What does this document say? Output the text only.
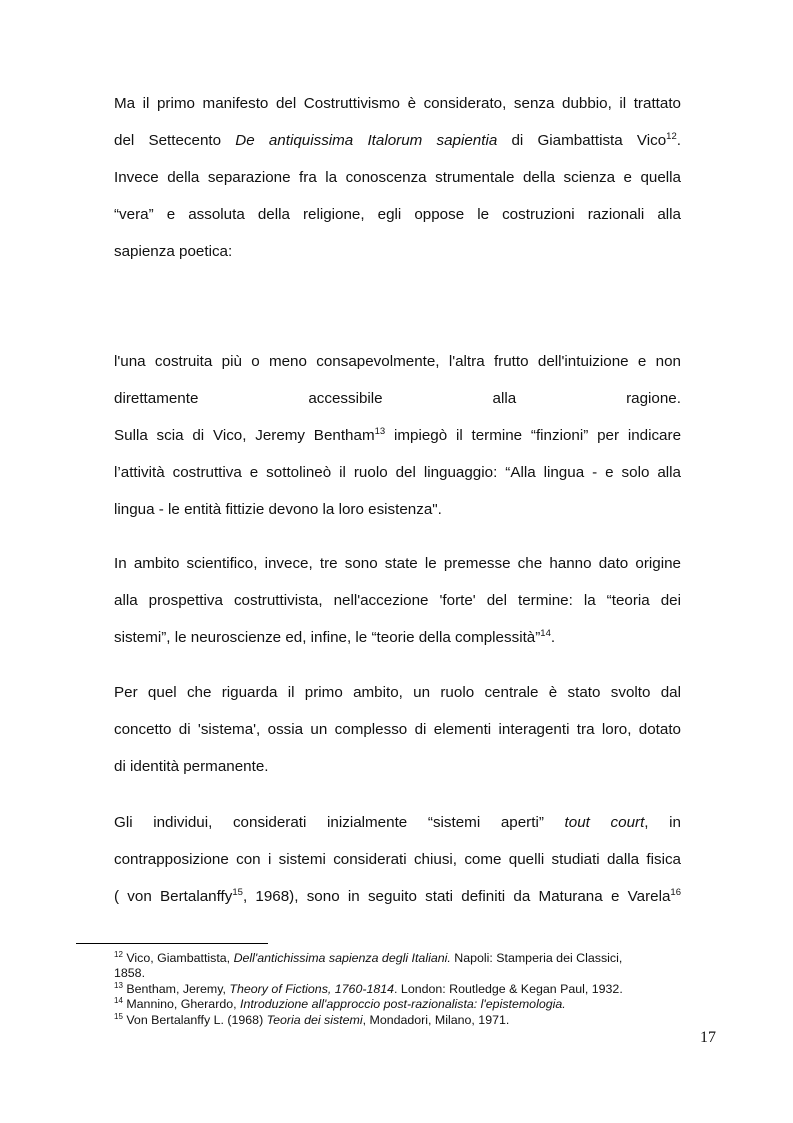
Ma il primo manifesto del Costruttivismo è considerato, senza dubbio, il trattato
del Settecento De antiquissima Italorum sapientia di Giambattista Vico$^{12}$.
Invece della separazione fra la conoscenza strumentale della scienza e quella
“vera” e assoluta della religione, egli oppose le costruzioni razionali alla
sapienza poetica:
l'una costruita più o meno consapevolmente, l'altra frutto dell'intuizione e non
direttamente	accessibile	alla	ragione.
Sulla scia di Vico, Jeremy Bentham$^{13}$ impiegò il termine “finzioni” per indicare
l’attività costruttiva e sottolineò il ruolo del linguaggio: “Alla lingua - e solo alla
lingua - le entità fittizie devono la loro esistenza".
In ambito scientifico, invece, tre sono state le premesse che hanno dato origine
alla prospettiva costruttivista, nell'accezione 'forte' del termine: la “teoria dei
sistemi”, le neuroscienze ed, infine, le “teorie della complessità”$^{14}$.
Per quel che riguarda il primo ambito, un ruolo centrale è stato svolto dal
concetto di 'sistema', ossia un complesso di elementi interagenti tra loro, dotato
di identità permanente.
Gli individui, considerati inizialmente “sistemi aperti” tout court, in
contrapposizione con i sistemi considerati chiusi, come quelli studiati dalla fisica
( von Bertalanffy$^{15}$, 1968), sono in seguito stati definiti da Maturana e Varela$^{16}$
$^{12}$ Vico, Giambattista, Dell'antichissima sapienza degli Italiani. Napoli: Stamperia dei Classici,
1858.
$^{13}$ Bentham, Jeremy, Theory of Fictions, 1760-1814. London: Routledge & Kegan Paul, 1932.
$^{14}$ Mannino, Gherardo, Introduzione all'approccio post-razionalista: l'epistemologia.
$^{15}$ Von Bertalanffy L. (1968) Teoria dei sistemi, Mondadori, Milano, 1971.
17
